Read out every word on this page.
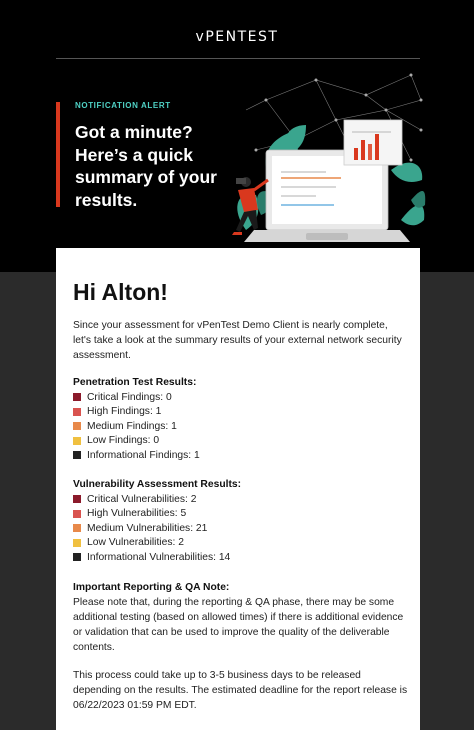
vPENTEST
NOTIFICATION ALERT
Got a minute? Here’s a quick summary of your results.
Hi Alton!

Since your assessment for vPenTest Demo Client is nearly complete, let's take a look at the summary results of your external network security assessment.

Penetration Test Results:
Critical Findings: 0
High Findings: 1
Medium Findings: 1
Low Findings: 0
Informational Findings: 1
Vulnerability Assessment Results:
Critical Vulnerabilities: 2
High Vulnerabilities: 5
Medium Vulnerabilities: 21
Low Vulnerabilities: 2
Informational Vulnerabilities: 14
Important Reporting & QA Note:

Please note that, during the reporting & QA phase, there may be some additional testing (based on allowed times) if there is additional evidence or validation that can be used to improve the quality of the deliverable contents.

This process could take up to 3-5 business days to be released depending on the results. The estimated deadline for the report release is 06/22/2023 01:59 PM EDT.
